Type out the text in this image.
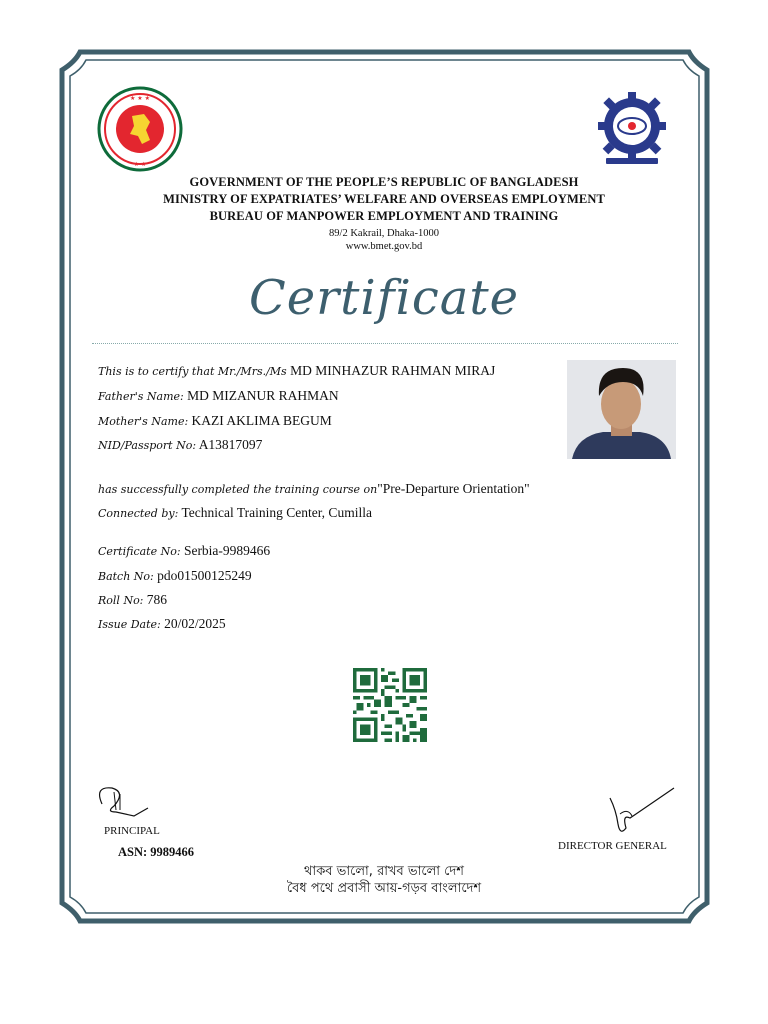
★ ★ ★
★ ★
GOVERNMENT OF THE PEOPLE’S REPUBLIC OF BANGLADESH
MINISTRY OF EXPATRIATES’ WELFARE AND OVERSEAS EMPLOYMENT
BUREAU OF MANPOWER EMPLOYMENT AND TRAINING
89/2 Kakrail, Dhaka-1000
www.bmet.gov.bd
Certificate
This is to certify that Mr./Mrs./Ms MD MINHAZUR RAHMAN MIRAJ
Father's Name: MD MIZANUR RAHMAN
Mother's Name: KAZI AKLIMA BEGUM
NID/Passport No: A13817097
has successfully completed the training course on"Pre-Departure Orientation"
Connected by: Technical Training Center, Cumilla
Certificate No: Serbia-9989466
Batch No: pdo01500125249
Roll No: 786
Issue Date: 20/02/2025
PRINCIPAL
ASN: 9989466	DIRECTOR GENERAL
থাকব ভালো, রাখব ভালো দেশ
বৈধ পথে প্রবাসী আয়-গড়ব বাংলাদেশ
